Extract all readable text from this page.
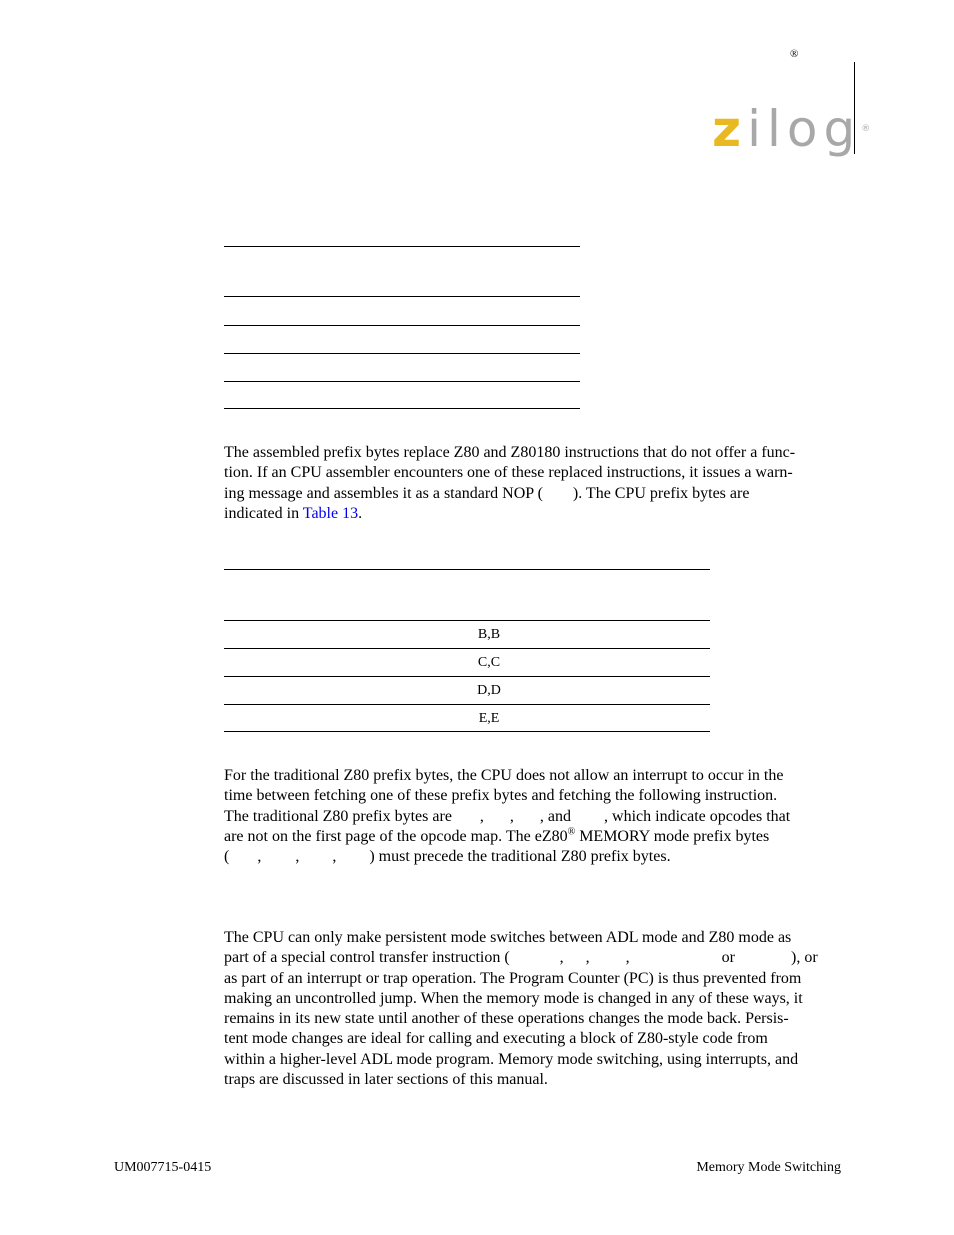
®
zilog®

The assembled prefix bytes replace Z80 and Z80180 instructions that do not offer a func-

tion. If an CPU assembler encounters one of these replaced instructions, it issues a warn-

ing message and assembles it as a standard NOP ( ). The CPU prefix bytes are

indicated in Table 13.

B,B
C,C
D,D
E,E

For the traditional Z80 prefix bytes, the CPU does not allow an interrupt to occur in the

time between fetching one of these prefix bytes and fetching the following instruction.

The traditional Z80 prefix bytes are , , , and , which indicate opcodes that

are not on the first page of the opcode map. The eZ80® MEMORY mode prefix bytes

( , , , ) must precede the traditional Z80 prefix bytes.

The CPU can only make persistent mode switches between ADL mode and Z80 mode as

part of a special control transfer instruction (	, , ,	or	), or

as part of an interrupt or trap operation. The Program Counter (PC) is thus prevented from

making an uncontrolled jump. When the memory mode is changed in any of these ways, it

remains in its new state until another of these operations changes the mode back. Persis-

tent mode changes are ideal for calling and executing a block of Z80-style code from

within a higher-level ADL mode program. Memory mode switching, using interrupts, and

traps are discussed in later sections of this manual.

UM007715-0415	Memory Mode Switching
